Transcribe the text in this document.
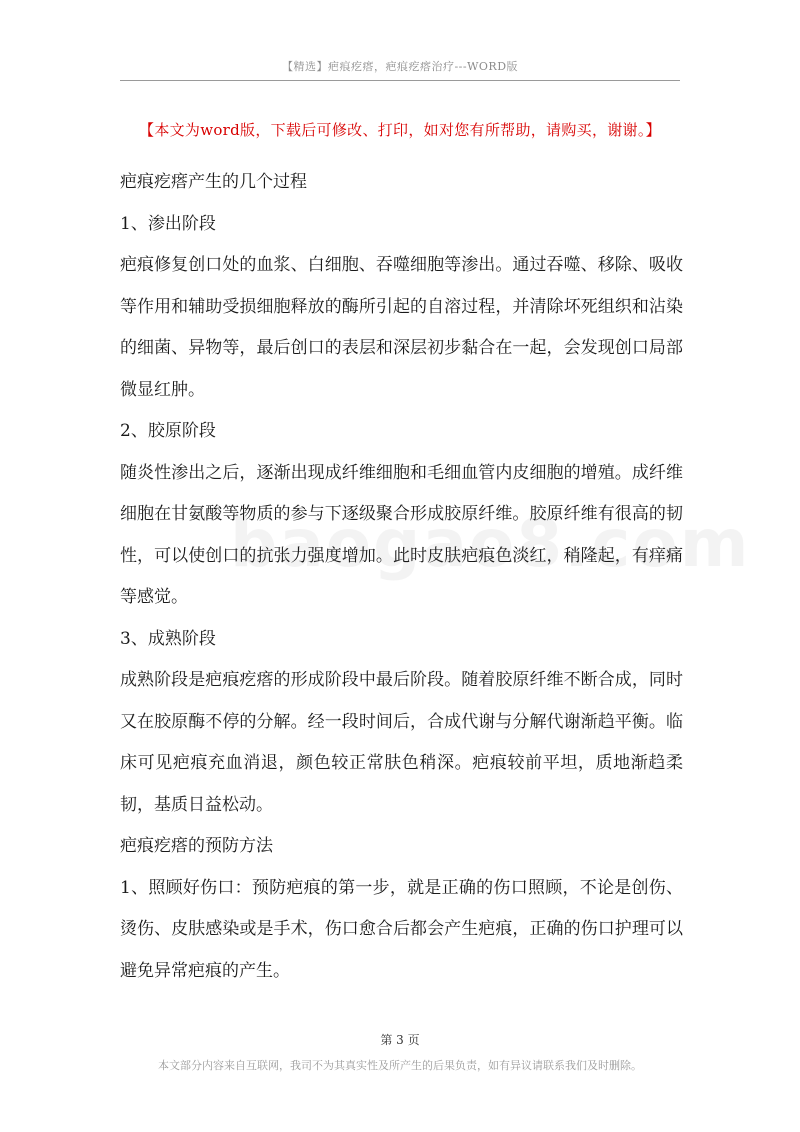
【精选】疤痕疙瘩，疤痕疙瘩治疗---WORD版
【本文为word版，下载后可修改、打印，如对您有所帮助，请购买，谢谢。】

疤痕疙瘩产生的几个过程

1、渗出阶段

疤痕修复创口处的血浆、白细胞、吞噬细胞等渗出。通过吞噬、移除、吸收等作用和辅助受损细胞释放的酶所引起的自溶过程，并清除坏死组织和沾染的细菌、异物等，最后创口的表层和深层初步黏合在一起，会发现创口局部微显红肿。

2、胶原阶段

随炎性渗出之后，逐渐出现成纤维细胞和毛细血管内皮细胞的增殖。成纤维细胞在甘氨酸等物质的参与下逐级聚合形成胶原纤维。胶原纤维有很高的韧性，可以使创口的抗张力强度增加。此时皮肤疤痕色淡红，稍隆起，有痒痛等感觉。

3、成熟阶段

成熟阶段是疤痕疙瘩的形成阶段中最后阶段。随着胶原纤维不断合成，同时又在胶原酶不停的分解。经一段时间后，合成代谢与分解代谢渐趋平衡。临床可见疤痕充血消退，颜色较正常肤色稍深。疤痕较前平坦，质地渐趋柔韧，基质日益松动。

疤痕疙瘩的预防方法

1、照顾好伤口：预防疤痕的第一步，就是正确的伤口照顾，不论是创伤、烫伤、皮肤感染或是手术，伤口愈合后都会产生疤痕，正确的伤口护理可以避免异常疤痕的产生。

第 3 页
本文部分内容来自互联网，我司不为其真实性及所产生的后果负责，如有异议请联系我们及时删除。
